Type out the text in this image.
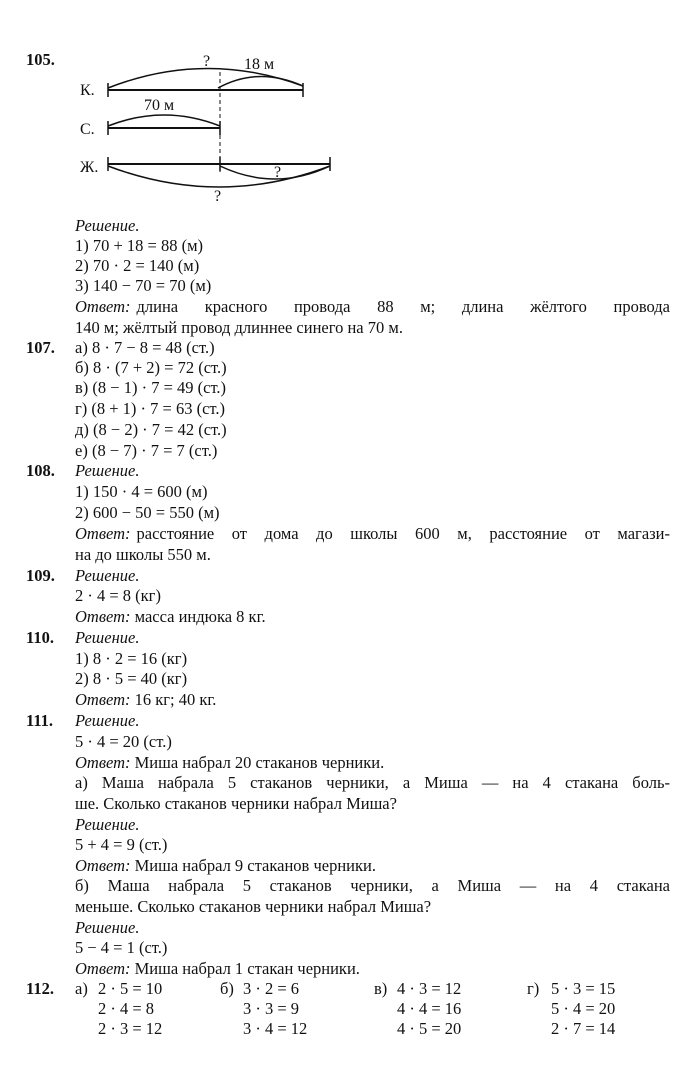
105.
К.
С.
Ж.
? 18 м
70 м
?
?
Решение.
1) 70 + 18 = 88 (м)
2) 70 · 2 = 140 (м)
3) 140 − 70 = 70 (м)
Ответ: длина красного провода 88 м; длина жёлтого провода
140 м; жёлтый провод длиннее синего на 70 м.
107. а) 8 · 7 − 8 = 48 (ст.)
б) 8 · (7 + 2) = 72 (ст.)
в) (8 − 1) · 7 = 49 (ст.)
г) (8 + 1) · 7 = 63 (ст.)
д) (8 − 2) · 7 = 42 (ст.)
е) (8 − 7) · 7 = 7 (ст.)
108. Решение.
1) 150 · 4 = 600 (м)
2) 600 − 50 = 550 (м)
Ответ: расстояние от дома до школы 600 м, расстояние от магази-
на до школы 550 м.
109. Решение.
2 · 4 = 8 (кг)
Ответ: масса индюка 8 кг.
110. Решение.
1) 8 · 2 = 16 (кг)
2) 8 · 5 = 40 (кг)
Ответ: 16 кг; 40 кг.
111. Решение.
5 · 4 = 20 (ст.)
Ответ: Миша набрал 20 стаканов черники.
а) Маша набрала 5 стаканов черники, а Миша — на 4 стакана боль-
ше. Сколько стаканов черники набрал Миша?
Решение.
5 + 4 = 9 (ст.)
Ответ: Миша набрал 9 стаканов черники.
б) Маша набрала 5 стаканов черники, а Миша — на 4 стакана
меньше. Сколько стаканов черники набрал Миша?
Решение.
5 − 4 = 1 (ст.)
Ответ: Миша набрал 1 стакан черники.
112. а) 2 · 5 = 10
2 · 4 = 8
2 · 3 = 12
б) 3 · 2 = 6
3 · 3 = 9
3 · 4 = 12
в) 4 · 3 = 12
4 · 4 = 16
4 · 5 = 20
г) 5 · 3 = 15
5 · 4 = 20
2 · 7 = 14
